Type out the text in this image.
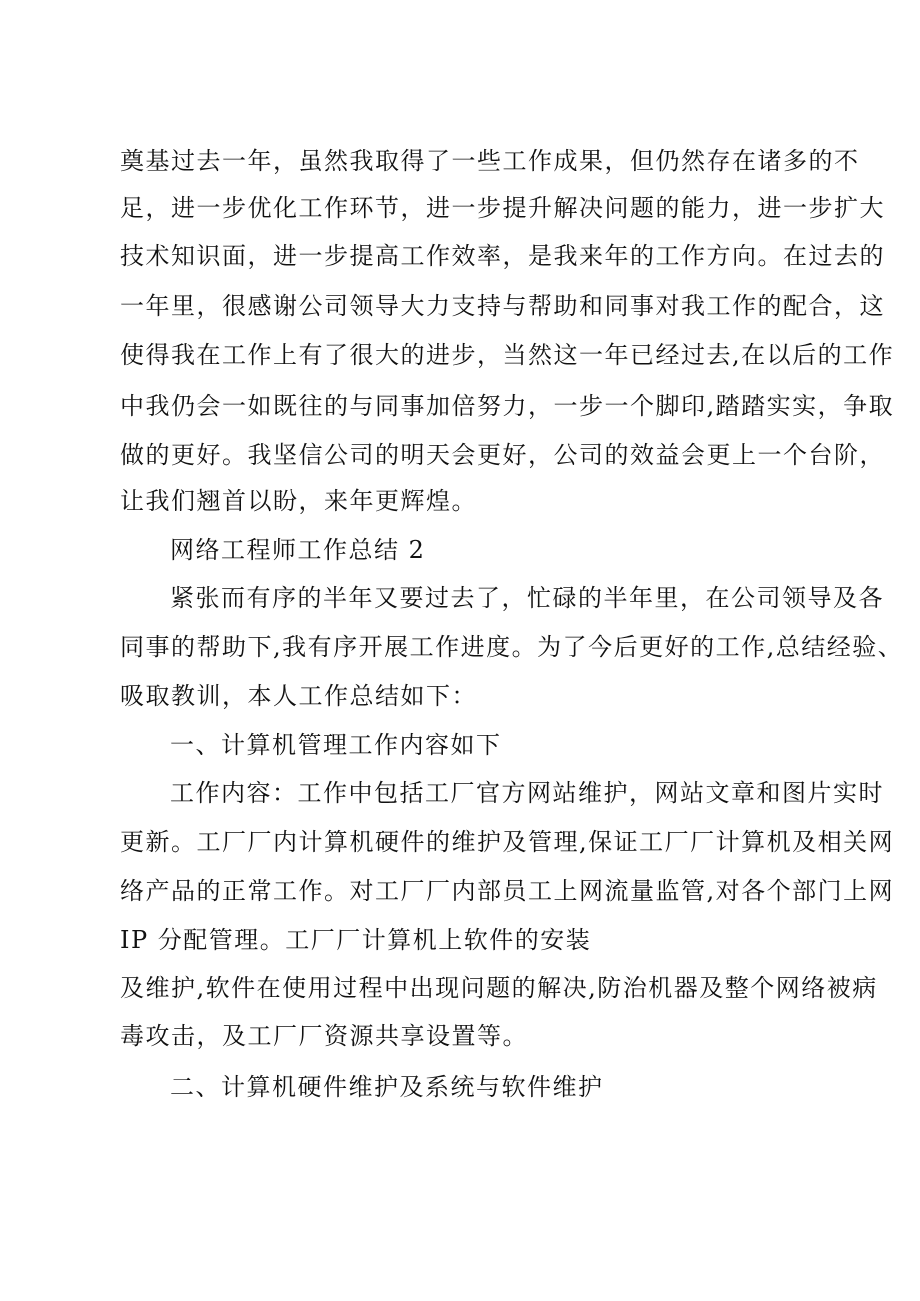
奠基过去一年，虽然我取得了一些工作成果，但仍然存在诸多的不
足，进一步优化工作环节，进一步提升解决问题的能力，进一步扩大
技术知识面，进一步提高工作效率，是我来年的工作方向。在过去的
一年里，很感谢公司领导大力支持与帮助和同事对我工作的配合，这
使得我在工作上有了很大的进步，当然这一年已经过去,在以后的工作
中我仍会一如既往的与同事加倍努力，一步一个脚印,踏踏实实，争取
做的更好。我坚信公司的明天会更好，公司的效益会更上一个台阶，
让我们翘首以盼，来年更辉煌。
网络工程师工作总结 2
紧张而有序的半年又要过去了，忙碌的半年里，在公司领导及各
同事的帮助下,我有序开展工作进度。为了今后更好的工作,总结经验、
吸取教训，本人工作总结如下：
一、计算机管理工作内容如下
工作内容：工作中包括工厂官方网站维护，网站文章和图片实时
更新。工厂厂内计算机硬件的维护及管理,保证工厂厂计算机及相关网
络产品的正常工作。对工厂厂内部员工上网流量监管,对各个部门上网
IP 分配管理。工厂厂计算机上软件的安装
及维护,软件在使用过程中出现问题的解决,防治机器及整个网络被病
毒攻击，及工厂厂资源共享设置等。
二、计算机硬件维护及系统与软件维护
